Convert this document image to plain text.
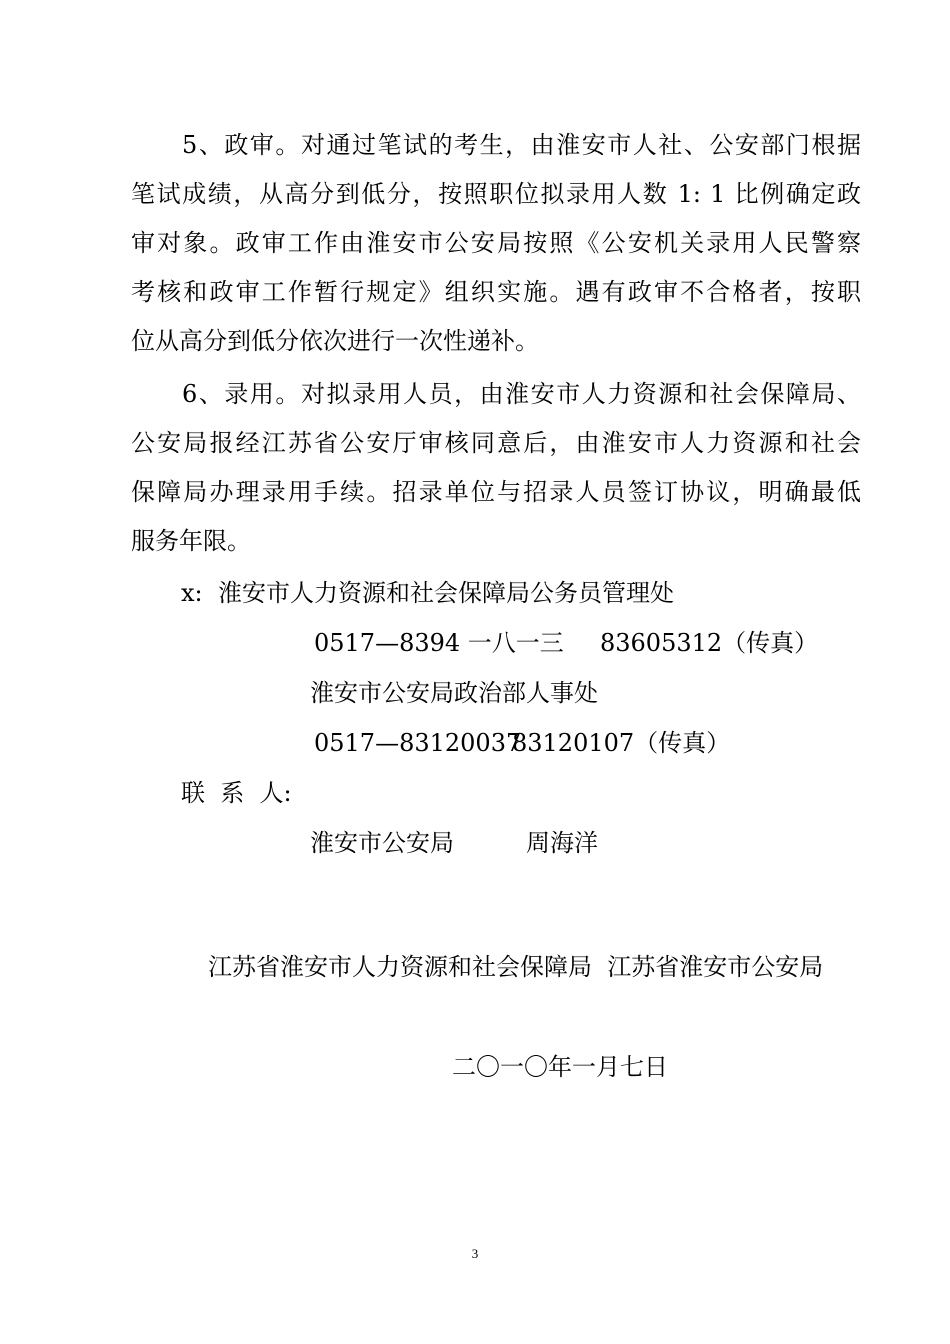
　　5、政审。对通过笔试的考生，由淮安市人社、公安部门根据
笔试成绩，从高分到低分，按照职位拟录用人数 1: 1 比例确定政
审对象。政审工作由淮安市公安局按照《公安机关录用人民警察
考核和政审工作暂行规定》组织实施。遇有政审不合格者，按职
位从高分到低分依次进行一次性递补。
　　6、录用。对拟录用人员，由淮安市人力资源和社会保障局、
公安局报经江苏省公安厅审核同意后，由淮安市人力资源和社会
保障局办理录用手续。招录单位与招录人员签订协议，明确最低
服务年限。
x: 淮安市人力资源和社会保障局公务员管理处
0517—8394 一八一三 83605312（传真）
淮安市公安局政治部人事处
0517—83120037
83120107（传真）
联  系  人:
淮安市公安局	周海洋
江苏省淮安市人力资源和社会保障局  江苏省淮安市公安局
二〇一〇年一月七日
3
